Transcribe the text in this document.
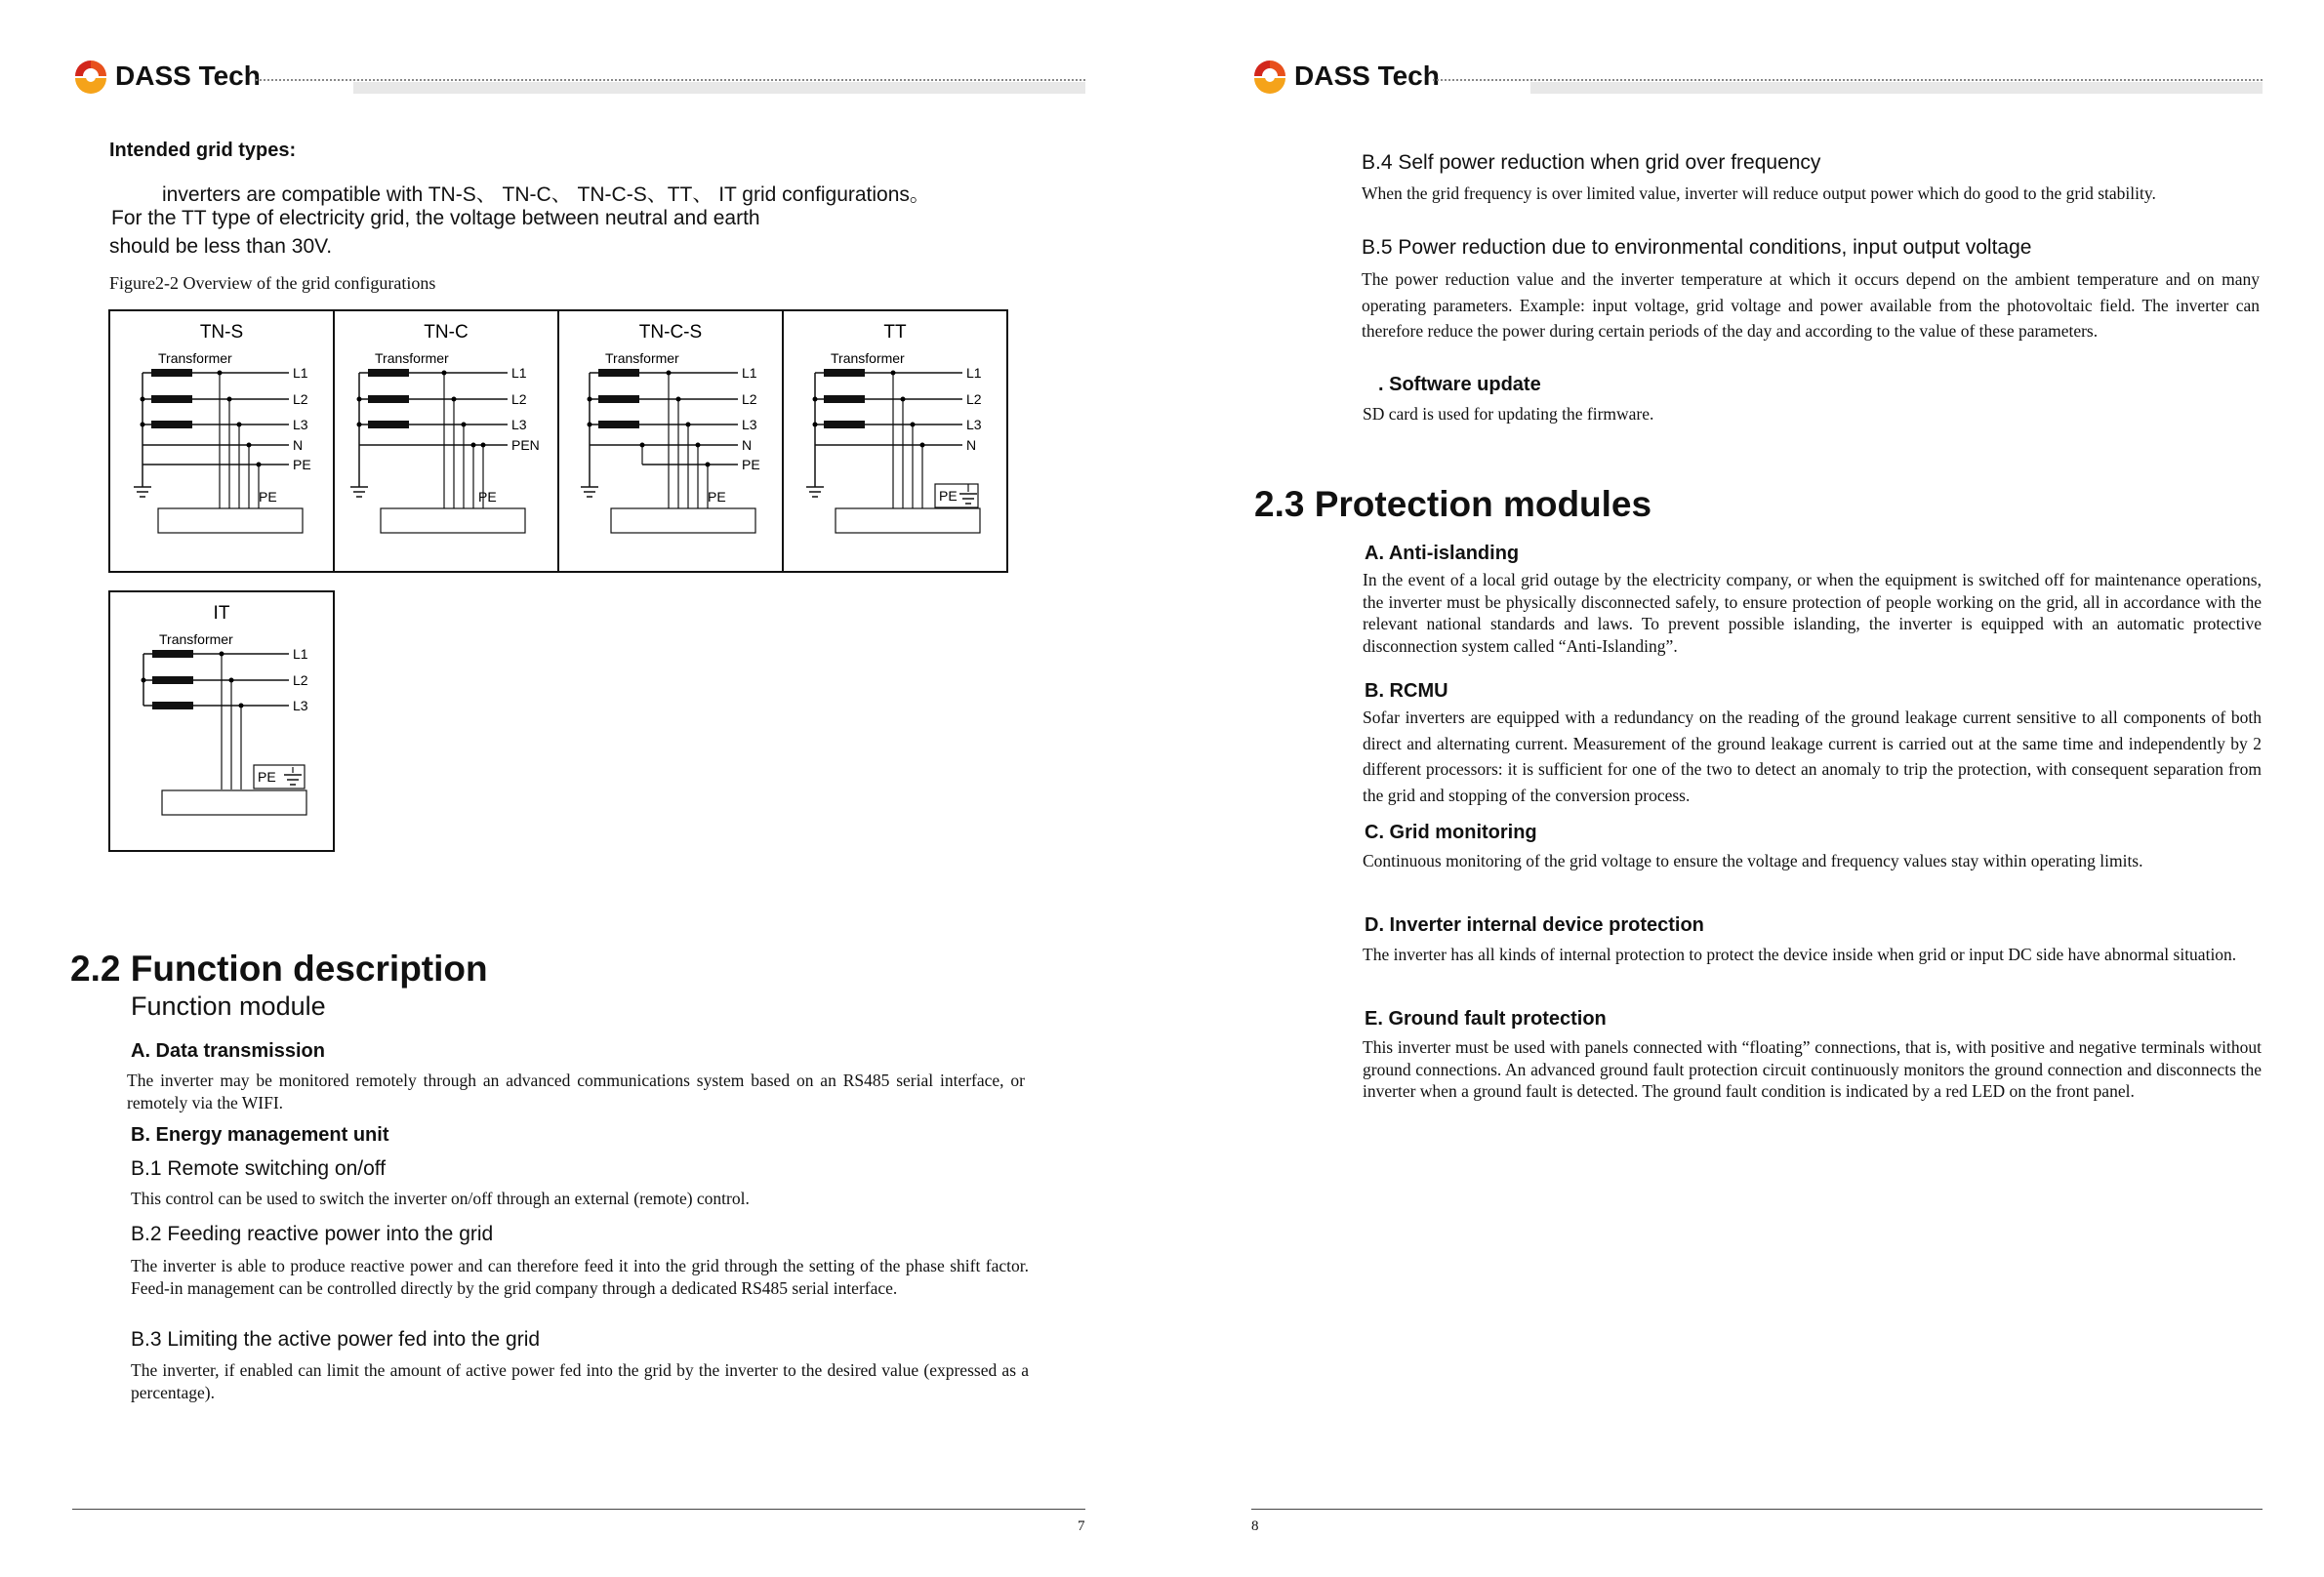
DASS Tech
Intended grid types:
inverters are compatible with TN-S、 TN-C、 TN-C-S、TT、 IT grid configurations。
For the TT type of electricity grid, the voltage between neutral and earth
should be less than 30V.
Figure2-2 Overview of the grid configurations
TN-S
Transformer
L1
L2
L3
N
PE
PE
TN-C
Transformer
L1
L2
L3
PEN
PE
TN-C-S
Transformer
L1
L2
L3
N
PE
PE
TT
Transformer
L1
L2
L3
N
PE
IT
Transformer
L1
L2
L3
PE
2.2 Function description
Function module
A. Data transmission
The inverter may be monitored remotely through an advanced communications system based on an RS485 serial interface, or remotely via the WIFI.
B. Energy management unit
B.1 Remote switching on/off
This control can be used to switch the inverter on/off through an external (remote) control.
B.2 Feeding reactive power into the grid
The inverter is able to produce reactive power and can therefore feed it into the grid through the setting of the phase shift factor. Feed-in management can be controlled directly by the grid company through a dedicated RS485 serial interface.
B.3 Limiting the active power fed into the grid
The inverter, if enabled can limit the amount of active power fed into the grid by the inverter to the desired value (expressed as a percentage).
7
DASS Tech
B.4 Self power reduction when grid over frequency
When the grid frequency is over limited value, inverter will reduce output power which do good to the grid stability.
B.5 Power reduction due to environmental conditions, input output voltage
The power reduction value and the inverter temperature at which it occurs depend on the ambient temperature and on many operating parameters. Example: input voltage, grid voltage and power available from the photovoltaic field. The inverter can therefore reduce the power during certain periods of the day and according to the value of these parameters.
. Software update
SD card is used for updating the firmware.
2.3 Protection modules
A. Anti-islanding
In the event of a local grid outage by the electricity company, or when the equipment is switched off for maintenance operations, the inverter must be physically disconnected safely, to ensure protection of people working on the grid, all in accordance with the relevant national standards and laws. To prevent possible islanding, the inverter is equipped with an automatic protective disconnection system called “Anti-Islanding”.
B. RCMU
Sofar inverters are equipped with a redundancy on the reading of the ground leakage current sensitive to all components of both direct and alternating current. Measurement of the ground leakage current is carried out at the same time and independently by 2 different processors: it is sufficient for one of the two to detect an anomaly to trip the protection, with consequent separation from the grid and stopping of the conversion process.
C. Grid monitoring
Continuous monitoring of the grid voltage to ensure the voltage and frequency values stay within operating limits.
D. Inverter internal device protection
The inverter has all kinds of internal protection to protect the device inside when grid or input DC side have abnormal situation.
E. Ground fault protection
This inverter must be used with panels connected with “floating” connections, that is, with positive and negative terminals without ground connections. An advanced ground fault protection circuit continuously monitors the ground connection and disconnects the inverter when a ground fault is detected. The ground fault condition is indicated by a red LED on the front panel.
8
